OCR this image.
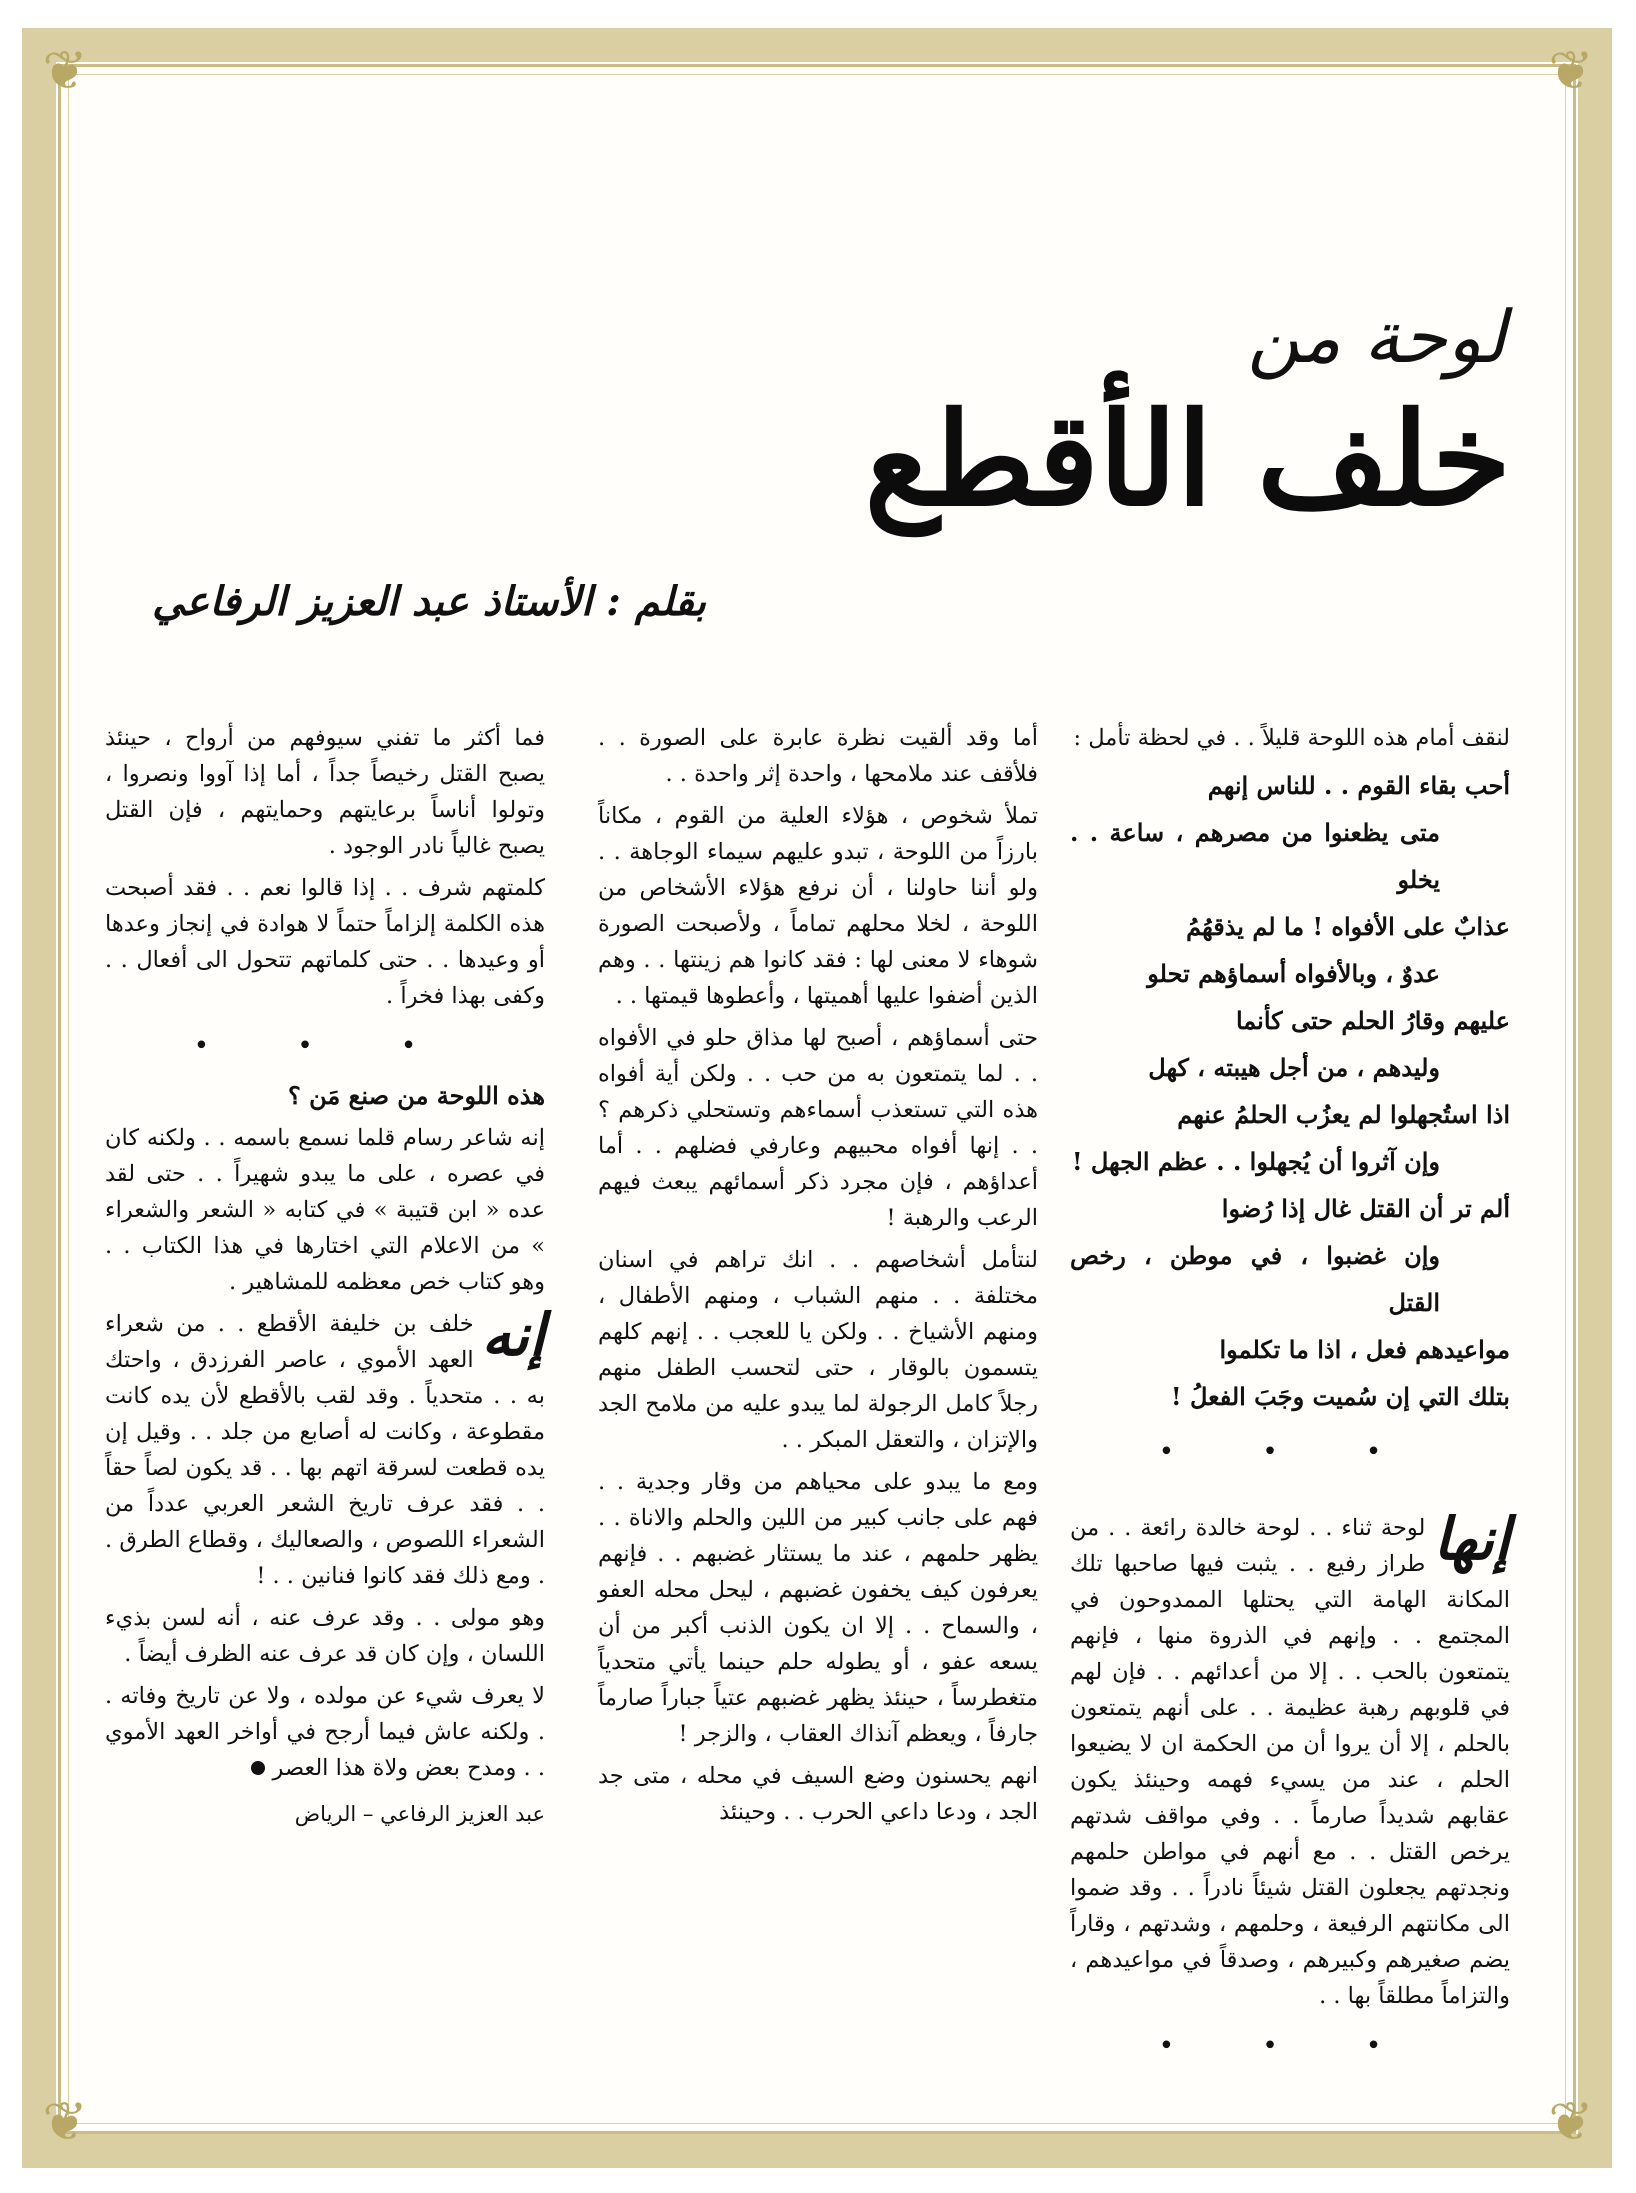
❦	❦
❦	❦
لوحة من
خلف الأقطع
بقلم : الأستاذ عبد العزيز الرفاعي

لنقف أمام هذه اللوحة قليلاً . . في لحظة تأمل :

أحب بقاء القوم . . للناس إنهم
متى يظعنوا من مصرهم ، ساعة . . يخلو
عذابٌ على الأفواه ! ما لم يذقهُمُ
عدوٌ ، وبالأفواه أسماؤهم تحلو
عليهم وقارُ الحلم حتى كأنما
وليدهم ، من أجل هيبته ، كهل
اذا استُجهلوا لم يعزُب الحلمُ عنهم
وإن آثروا أن يُجهلوا . . عظم الجهل !
ألم تر أن القتل غال إذا رُضوا
وإن غضبوا ، في موطن ، رخص القتل
مواعيدهم فعل ، اذا ما تكلموا
بتلك التي إن سُميت وجَبَ الفعلُ !
• • •

إنها
لوحة ثناء . . لوحة خالدة رائعة . . من طراز رفيع . . يثبت فيها صاحبها تلك المكانة الهامة التي يحتلها الممدوحون في المجتمع . . وإنهم في الذروة منها ، فإنهم يتمتعون بالحب . . إلا من أعدائهم . . فإن لهم في قلوبهم رهبة عظيمة . . على أنهم يتمتعون بالحلم ، إلا أن يروا أن من الحكمة ان لا يضيعوا الحلم ، عند من يسيء فهمه وحينئذ يكون عقابهم شديداً صارماً . . وفي مواقف شدتهم يرخص القتل . . مع أنهم في مواطن حلمهم ونجدتهم يجعلون القتل شيئاً نادراً . . وقد ضموا الى مكانتهم الرفيعة ، وحلمهم ، وشدتهم ، وقاراً يضم صغيرهم وكبيرهم ، وصدقاً في مواعيدهم ، والتزاماً مطلقاً بها . .

• • •

أما وقد ألقيت نظرة عابرة على الصورة . . فلأقف عند ملامحها ، واحدة إثر واحدة . .

تملأ شخوص ، هؤلاء العلية من القوم ، مكاناً بارزاً من اللوحة ، تبدو عليهم سيماء الوجاهة . . ولو أننا حاولنا ، أن نرفع هؤلاء الأشخاص من اللوحة ، لخلا محلهم تماماً ، ولأصبحت الصورة شوهاء لا معنى لها : فقد كانوا هم زينتها . . وهم الذين أضفوا عليها أهميتها ، وأعطوها قيمتها . .

حتى أسماؤهم ، أصبح لها مذاق حلو في الأفواه . . لما يتمتعون به من حب . . ولكن أية أفواه هذه التي تستعذب أسماءهم وتستحلي ذكرهم ؟ . . إنها أفواه محبيهم وعارفي فضلهم . . أما أعداؤهم ، فإن مجرد ذكر أسمائهم يبعث فيهم الرعب والرهبة !

لنتأمل أشخاصهم . . انك تراهم في اسنان مختلفة . . منهم الشباب ، ومنهم الأطفال ، ومنهم الأشياخ . . ولكن يا للعجب . . إنهم كلهم يتسمون بالوقار ، حتى لتحسب الطفل منهم رجلاً كامل الرجولة لما يبدو عليه من ملامح الجد والإتزان ، والتعقل المبكر . .

ومع ما يبدو على محياهم من وقار وجدية . . فهم على جانب كبير من اللين والحلم والاناة . . يظهر حلمهم ، عند ما يستثار غضبهم . . فإنهم يعرفون كيف يخفون غضبهم ، ليحل محله العفو ، والسماح . . إلا ان يكون الذنب أكبر من أن يسعه عفو ، أو يطوله حلم حينما يأتي متحدياً متغطرساً ، حينئذ يظهر غضبهم عتياً جباراً صارماً جارفاً ، ويعظم آنذاك العقاب ، والزجر !

انهم يحسنون وضع السيف في محله ، متى جد الجد ، ودعا داعي الحرب . . وحينئذ

فما أكثر ما تفني سيوفهم من أرواح ، حينئذ يصبح القتل رخيصاً جداً ، أما إذا آووا ونصروا ، وتولوا أناساً برعايتهم وحمايتهم ، فإن القتل يصبح غالياً نادر الوجود .

كلمتهم شرف . . إذا قالوا نعم . . فقد أصبحت هذه الكلمة إلزاماً حتماً لا هوادة في إنجاز وعدها أو وعيدها . . حتى كلماتهم تتحول الى أفعال . . وكفى بهذا فخراً .

• • •

هذه اللوحة من صنع مَن ؟

إنه شاعر رسام قلما نسمع باسمه . . ولكنه كان في عصره ، على ما يبدو شهيراً . . حتى لقد عده « ابن قتيبة » في كتابه « الشعر والشعراء » من الاعلام التي اختارها في هذا الكتاب . . وهو كتاب خص معظمه للمشاهير .

إنه
خلف بن خليفة الأقطع . . من شعراء العهد الأموي ، عاصر الفرزدق ، واحتك به . . متحدياً . وقد لقب بالأقطع لأن يده كانت مقطوعة ، وكانت له أصابع من جلد . . وقيل إن يده قطعت لسرقة اتهم بها . . قد يكون لصاً حقاً . . فقد عرف تاريخ الشعر العربي عدداً من الشعراء اللصوص ، والصعاليك ، وقطاع الطرق . . ومع ذلك فقد كانوا فنانين . . !

وهو مولى . . وقد عرف عنه ، أنه لسن بذيء اللسان ، وإن كان قد عرف عنه الظرف أيضاً .

لا يعرف شيء عن مولده ، ولا عن تاريخ وفاته . . ولكنه عاش فيما أرجح في أواخر العهد الأموي . . ومدح بعض ولاة هذا العصر

عبد العزيز الرفاعي – الرياض
